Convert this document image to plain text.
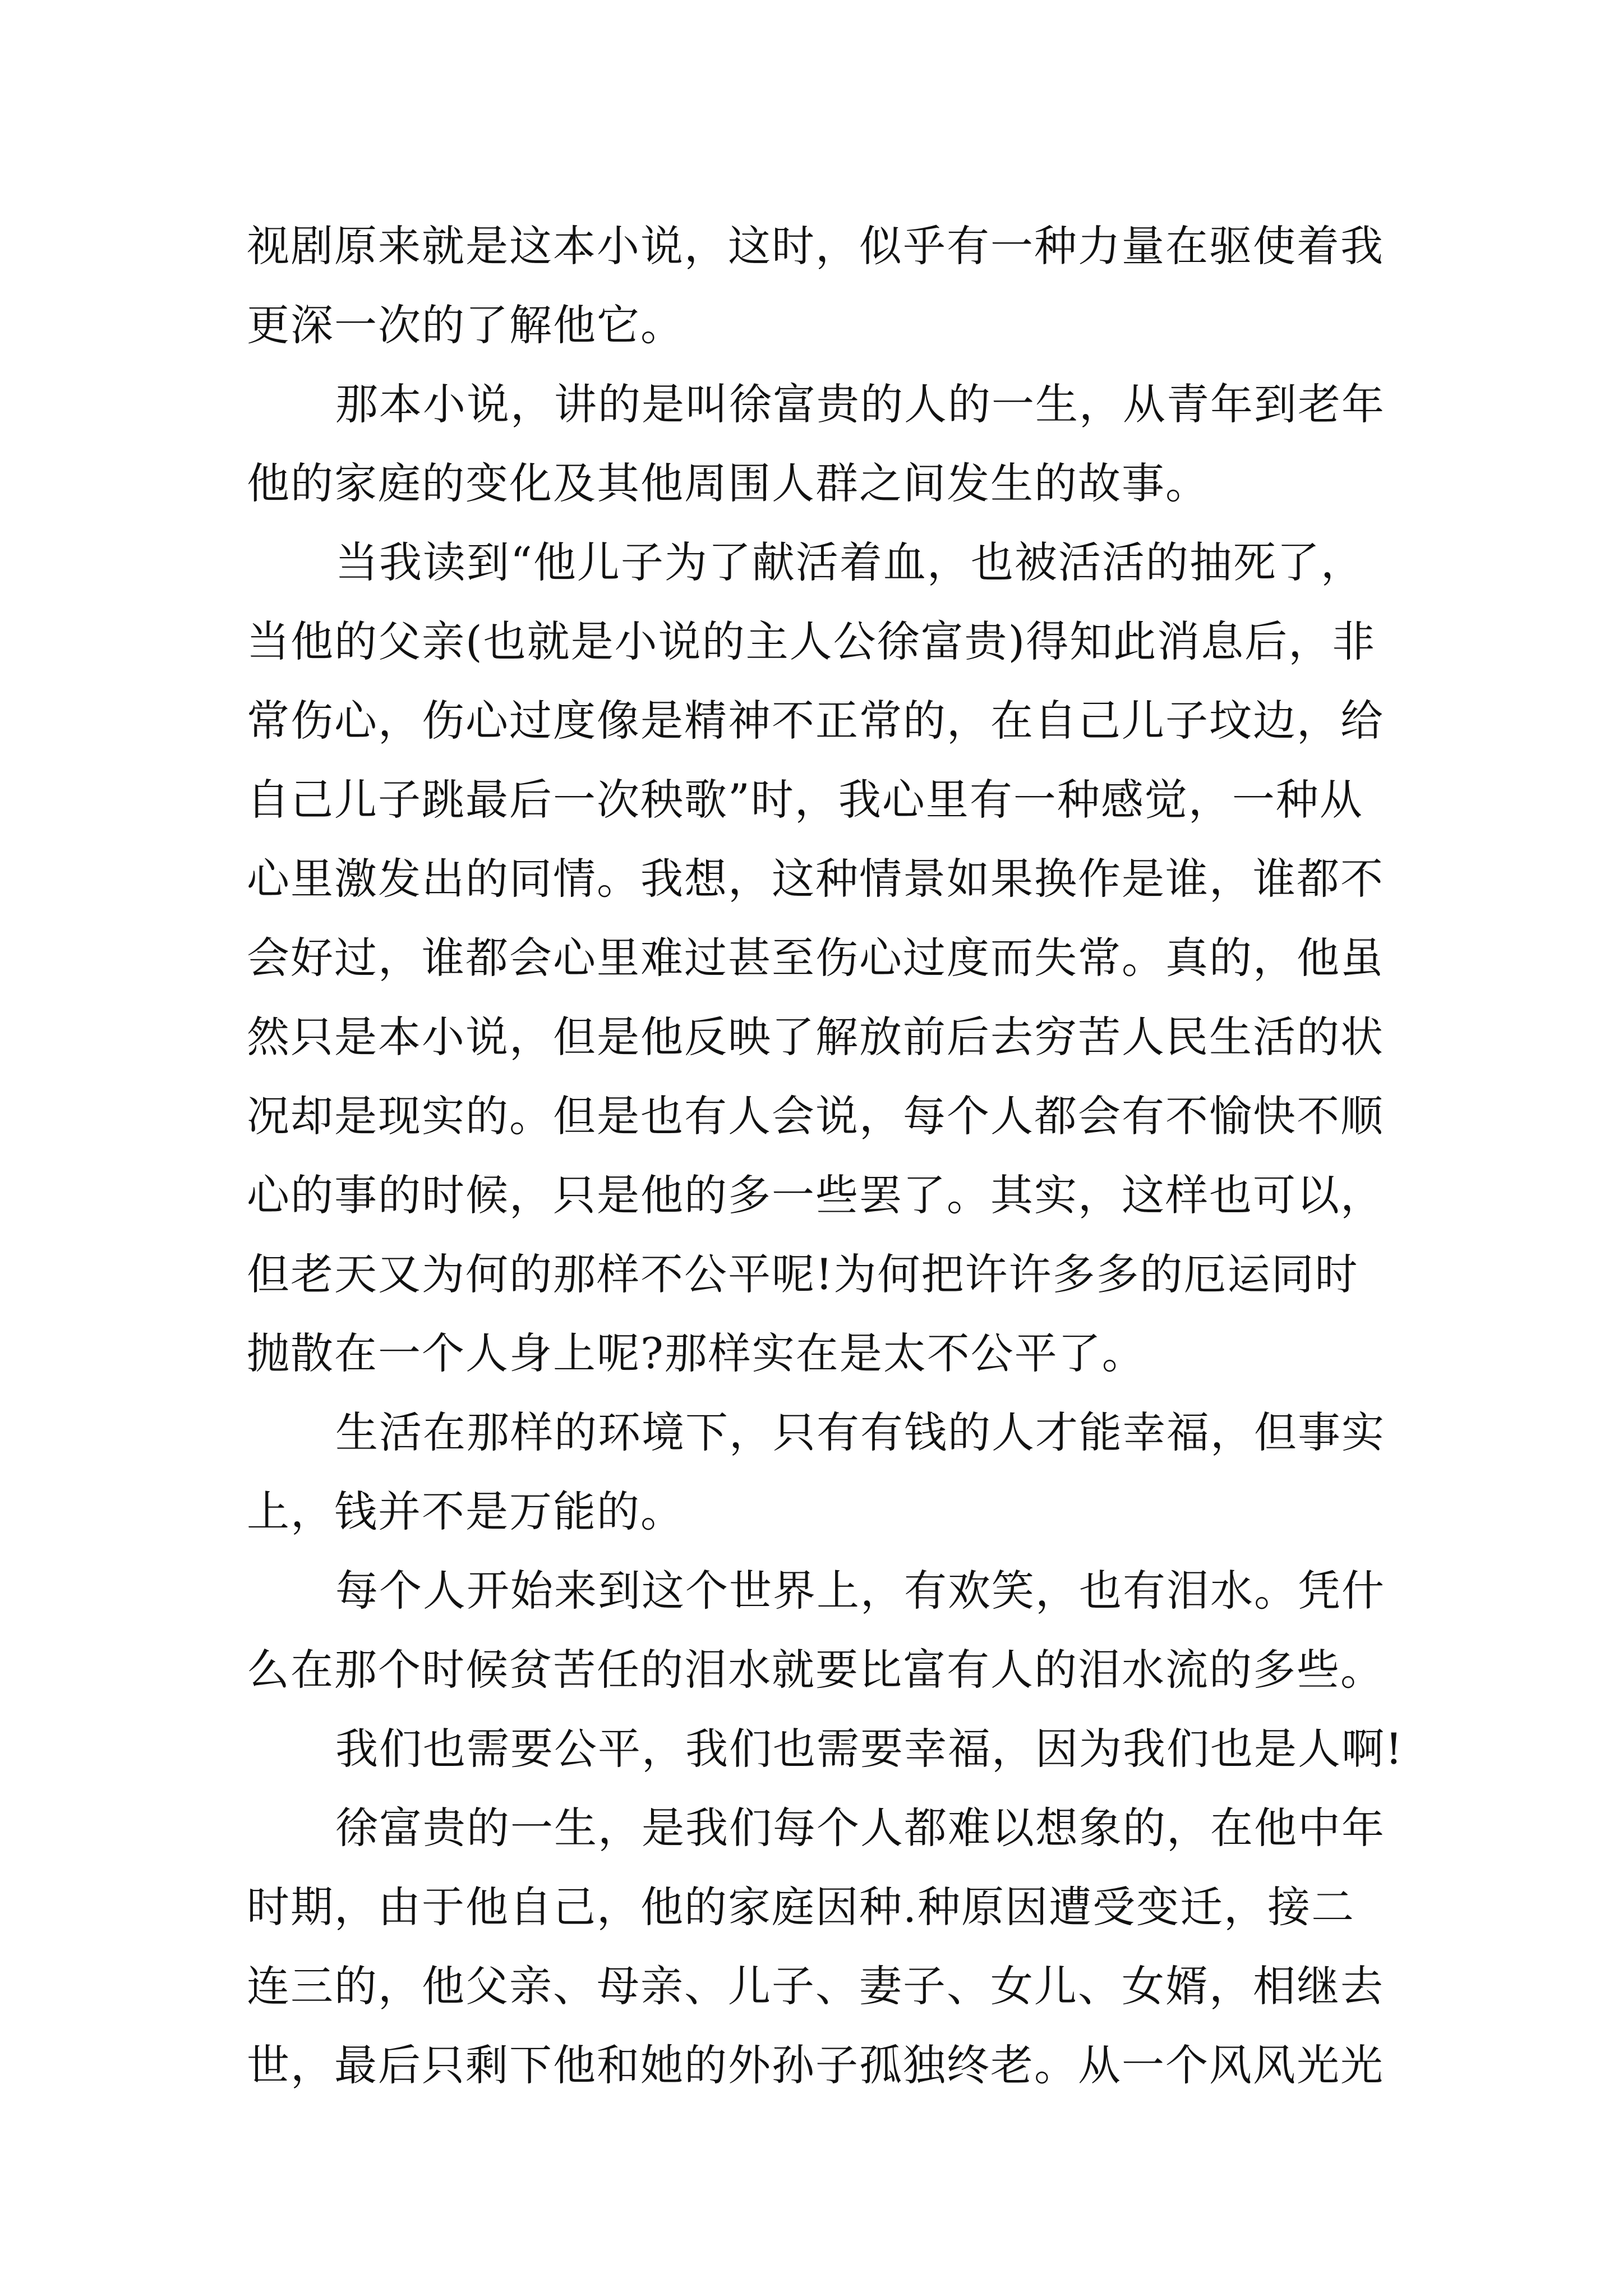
视剧原来就是这本小说，这时，似乎有一种力量在驱使着我
更深一次的了解他它。
那本小说，讲的是叫徐富贵的人的一生，从青年到老年
他的家庭的变化及其他周围人群之间发生的故事。
当我读到“他儿子为了献活着血，也被活活的抽死了，
当他的父亲(也就是小说的主人公徐富贵)得知此消息后，非
常伤心，伤心过度像是精神不正常的，在自己儿子坟边，给
自己儿子跳最后一次秧歌”时，我心里有一种感觉，一种从
心里激发出的同情。我想，这种情景如果换作是谁，谁都不
会好过，谁都会心里难过甚至伤心过度而失常。真的，他虽
然只是本小说，但是他反映了解放前后去穷苦人民生活的状
况却是现实的。但是也有人会说，每个人都会有不愉快不顺
心的事的时候，只是他的多一些罢了。其实，这样也可以，
但老天又为何的那样不公平呢!为何把许许多多的厄运同时
抛散在一个人身上呢?那样实在是太不公平了。
生活在那样的环境下，只有有钱的人才能幸福，但事实
上，钱并不是万能的。
每个人开始来到这个世界上，有欢笑，也有泪水。凭什
么在那个时候贫苦任的泪水就要比富有人的泪水流的多些。
我们也需要公平，我们也需要幸福，因为我们也是人啊!
徐富贵的一生，是我们每个人都难以想象的，在他中年
时期，由于他自己，他的家庭因种.种原因遭受变迁，接二
连三的，他父亲、母亲、儿子、妻子、女儿、女婿，相继去
世，最后只剩下他和她的外孙子孤独终老。从一个风风光光
